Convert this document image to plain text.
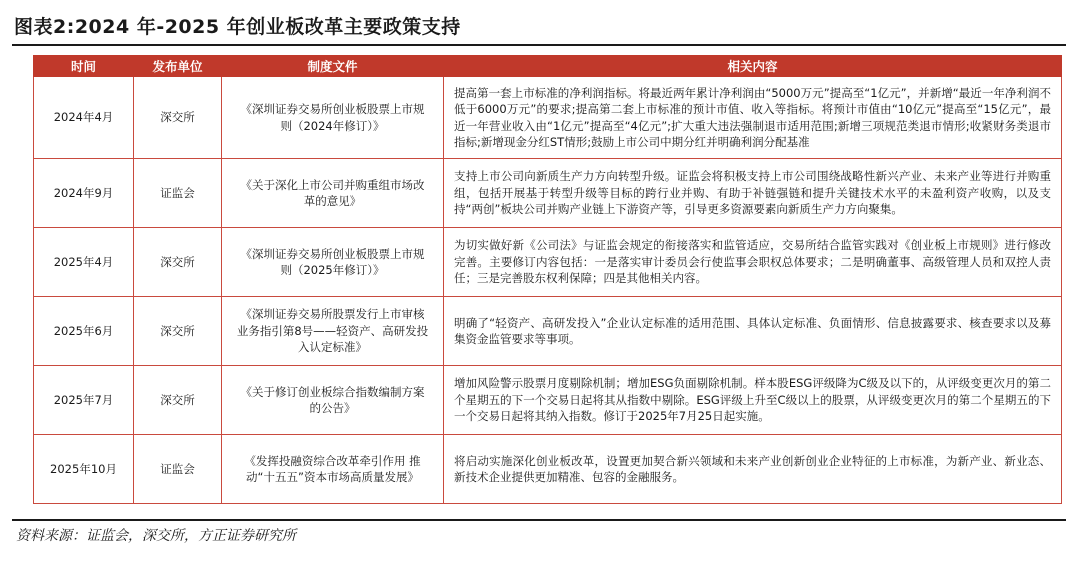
图表2:2024 年-2025 年创业板改革主要政策支持
时间	发布单位	制度文件	相关内容
2024年4月	深交所	《深圳证券交易所创业板股票上市规则（2024年修订）》	提高第一套上市标准的净利润指标。将最近两年累计净利润由“5000万元”提高至“1亿元”，并新增“最近一年净利润不低于6000万元”的要求;提高第二套上市标准的预计市值、收入等指标。将预计市值由“10亿元”提高至“15亿元”，最近一年营业收入由“1亿元”提高至“4亿元”;扩大重大违法强制退市适用范围;新增三项规范类退市情形;收紧财务类退市指标;新增现金分红ST情形;鼓励上市公司中期分红并明确利润分配基准
2024年9月	证监会	《关于深化上市公司并购重组市场改革的意见》	支持上市公司向新质生产力方向转型升级。证监会将积极支持上市公司围绕战略性新兴产业、未来产业等进行并购重组，包括开展基于转型升级等目标的跨行业并购、有助于补链强链和提升关键技术水平的未盈利资产收购，以及支持“两创”板块公司并购产业链上下游资产等，引导更多资源要素向新质生产力方向聚集。
2025年4月	深交所	《深圳证券交易所创业板股票上市规则（2025年修订）》	为切实做好新《公司法》与证监会规定的衔接落实和监管适应，交易所结合监管实践对《创业板上市规则》进行修改完善。主要修订内容包括：一是落实审计委员会行使监事会职权总体要求；二是明确董事、高级管理人员和双控人责任；三是完善股东权利保障；四是其他相关内容。
2025年6月	深交所	《深圳证券交易所股票发行上市审核业务指引第8号——轻资产、高研发投入认定标准》	明确了“轻资产、高研发投入”企业认定标准的适用范围、具体认定标准、负面情形、信息披露要求、核查要求以及募集资金监管要求等事项。
2025年7月	深交所	《关于修订创业板综合指数编制方案的公告》	增加风险警示股票月度剔除机制；增加ESG负面剔除机制。样本股ESG评级降为C级及以下的，从评级变更次月的第二个星期五的下一个交易日起将其从指数中剔除。ESG评级上升至C级以上的股票，从评级变更次月的第二个星期五的下一个交易日起将其纳入指数。修订于2025年7月25日起实施。
2025年10月	证监会	《发挥投融资综合改革牵引作用 推动“十五五”资本市场高质量发展》	将启动实施深化创业板改革，设置更加契合新兴领域和未来产业创新创业企业特征的上市标准，为新产业、新业态、新技术企业提供更加精准、包容的金融服务。
资料来源：证监会，深交所，方正证券研究所
